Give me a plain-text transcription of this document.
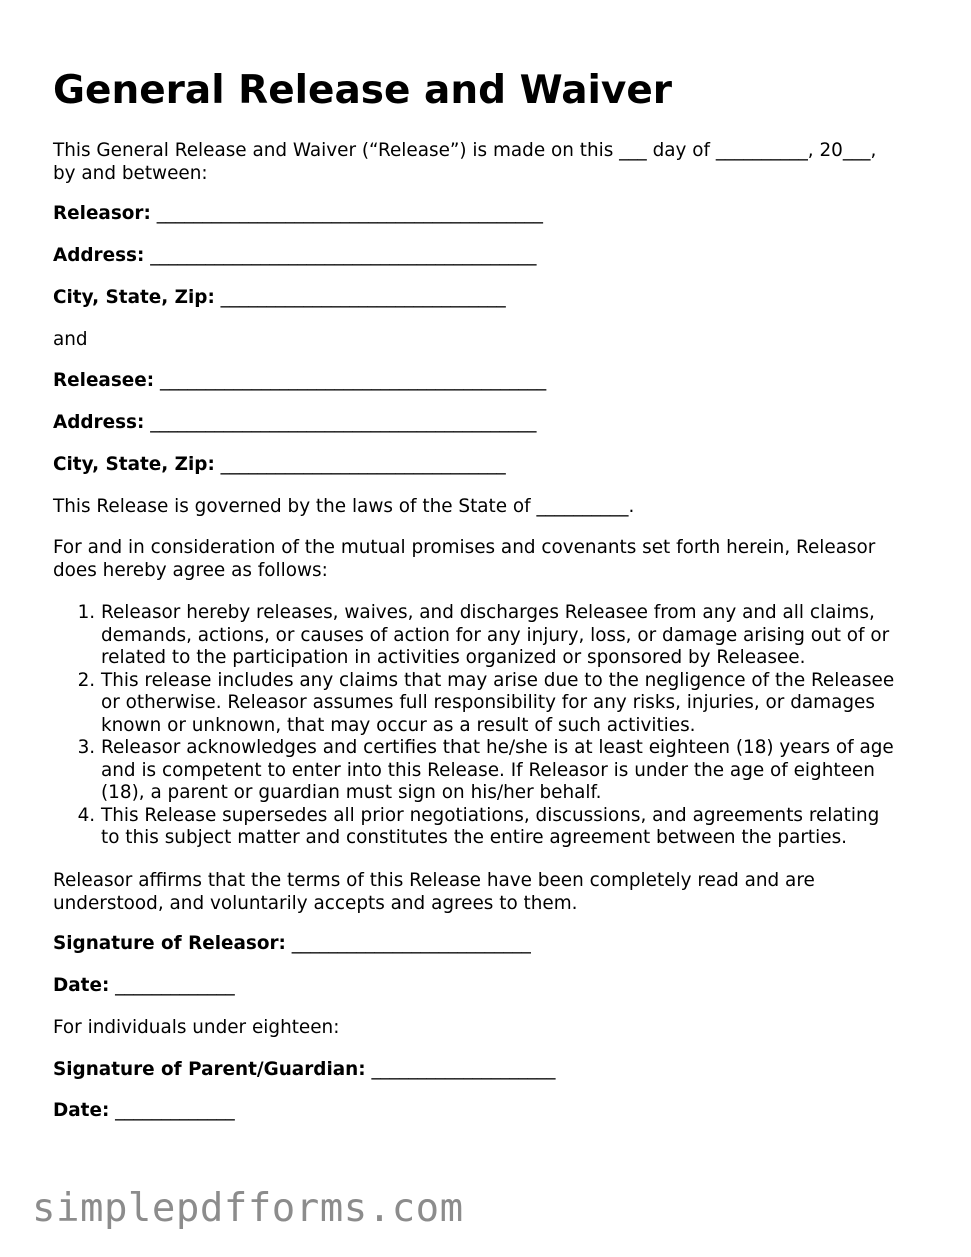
General Release and Waiver

This General Release and Waiver (“Release”) is made on this ___ day of __________, 20___,
by and between:

Releasor: __________________________________________

Address: __________________________________________

City, State, Zip: _______________________________

and

Releasee: __________________________________________

Address: __________________________________________

City, State, Zip: _______________________________

This Release is governed by the laws of the State of __________.

For and in consideration of the mutual promises and covenants set forth herein, Releasor
does hereby agree as follows:

1. Releasor hereby releases, waives, and discharges Releasee from any and all claims,
demands, actions, or causes of action for any injury, loss, or damage arising out of or
related to the participation in activities organized or sponsored by Releasee.
2. This release includes any claims that may arise due to the negligence of the Releasee
or otherwise. Releasor assumes full responsibility for any risks, injuries, or damages
known or unknown, that may occur as a result of such activities.
3. Releasor acknowledges and certifies that he/she is at least eighteen (18) years of age
and is competent to enter into this Release. If Releasor is under the age of eighteen
(18), a parent or guardian must sign on his/her behalf.
4. This Release supersedes all prior negotiations, discussions, and agreements relating
to this subject matter and constitutes the entire agreement between the parties.

Releasor affirms that the terms of this Release have been completely read and are
understood, and voluntarily accepts and agrees to them.

Signature of Releasor: __________________________

Date: _____________

For individuals under eighteen:

Signature of Parent/Guardian: ____________________

Date: _____________

simplepdfforms.com
